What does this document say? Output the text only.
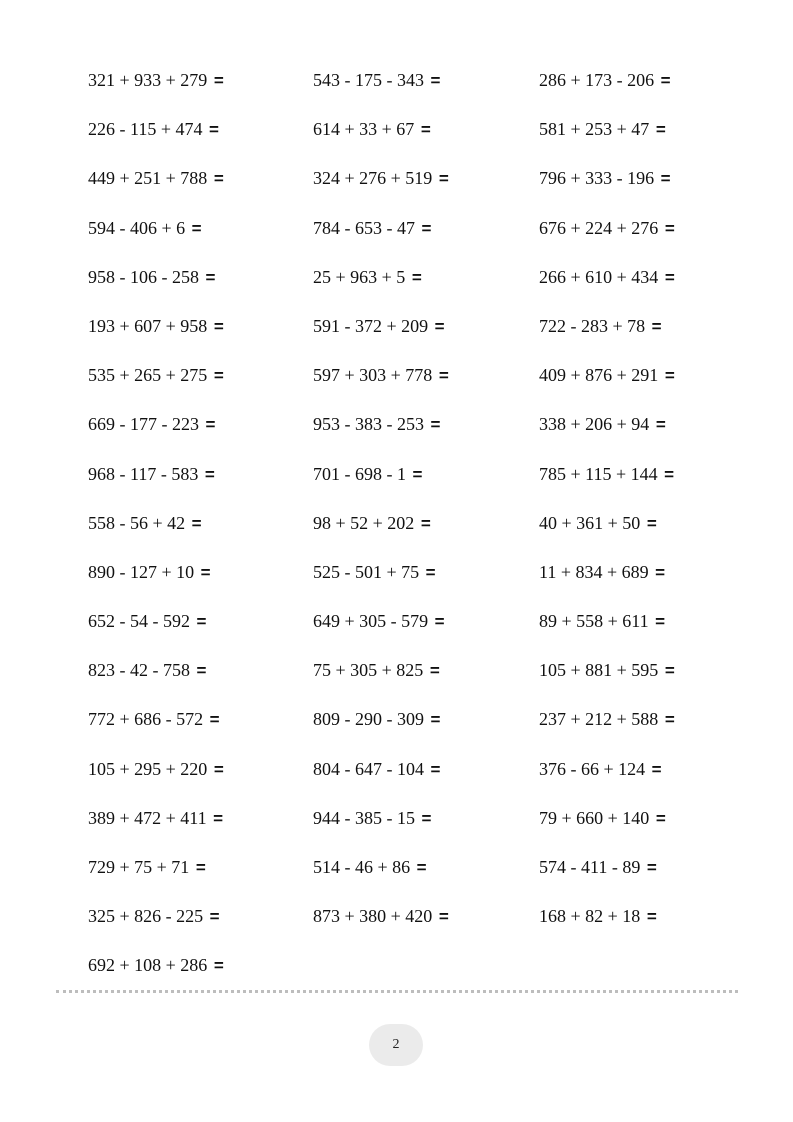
321 + 933 + 279 =	543 - 175 - 343 =	286 + 173 - 206 =
226 - 115 + 474 =	614 + 33 + 67 =	581 + 253 + 47 =
449 + 251 + 788 =	324 + 276 + 519 =	796 + 333 - 196 =
594 - 406 + 6 =	784 - 653 - 47 =	676 + 224 + 276 =
958 - 106 - 258 =	25 + 963 + 5 =	266 + 610 + 434 =
193 + 607 + 958 =	591 - 372 + 209 =	722 - 283 + 78 =
535 + 265 + 275 =	597 + 303 + 778 =	409 + 876 + 291 =
669 - 177 - 223 =	953 - 383 - 253 =	338 + 206 + 94 =
968 - 117 - 583 =	701 - 698 - 1 =	785 + 115 + 144 =
558 - 56 + 42 =	98 + 52 + 202 =	40 + 361 + 50 =
890 - 127 + 10 =	525 - 501 + 75 =	11 + 834 + 689 =
652 - 54 - 592 =	649 + 305 - 579 =	89 + 558 + 611 =
823 - 42 - 758 =	75 + 305 + 825 =	105 + 881 + 595 =
772 + 686 - 572 =	809 - 290 - 309 =	237 + 212 + 588 =
105 + 295 + 220 =	804 - 647 - 104 =	376 - 66 + 124 =
389 + 472 + 411 =	944 - 385 - 15 =	79 + 660 + 140 =
729 + 75 + 71 =	514 - 46 + 86 =	574 - 411 - 89 =
325 + 826 - 225 =	873 + 380 + 420 =	168 + 82 + 18 =
692 + 108 + 286 =
2
